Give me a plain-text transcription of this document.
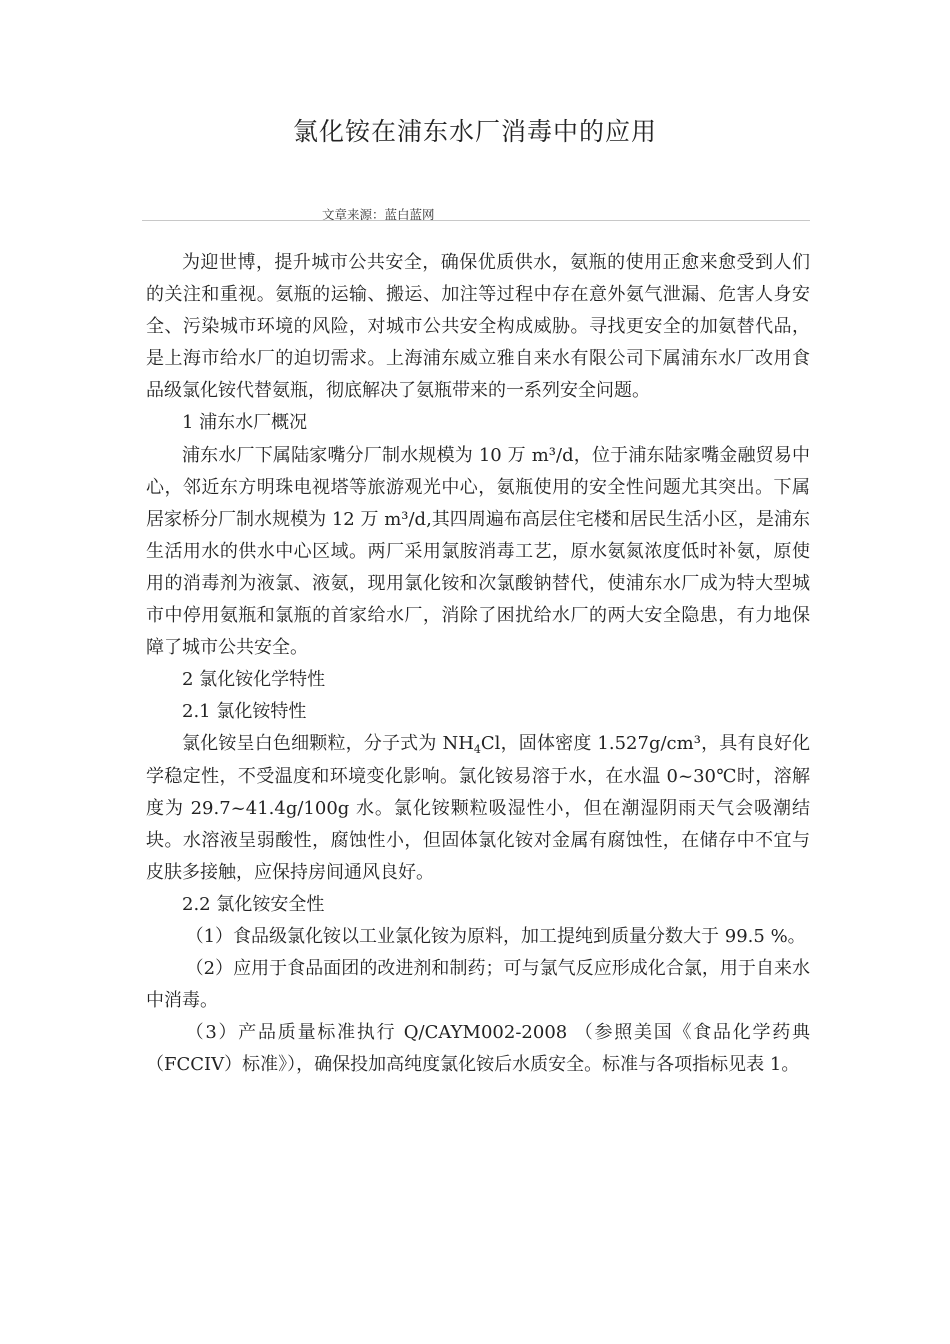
氯化铵在浦东水厂消毒中的应用
文章来源：蓝白蓝网

为迎世博，提升城市公共安全，确保优质供水，氨瓶的使用正愈来愈受到人们的关注和重视。氨瓶的运输、搬运、加注等过程中存在意外氨气泄漏、危害人身安全、污染城市环境的风险，对城市公共安全构成威胁。寻找更安全的加氨替代品，是上海市给水厂的迫切需求。上海浦东威立雅自来水有限公司下属浦东水厂改用食品级氯化铵代替氨瓶，彻底解决了氨瓶带来的一系列安全问题。

1 浦东水厂概况

浦东水厂下属陆家嘴分厂制水规模为 10 万 m³/d，位于浦东陆家嘴金融贸易中心，邻近东方明珠电视塔等旅游观光中心，氨瓶使用的安全性问题尤其突出。下属居家桥分厂制水规模为 12 万 m³/d,其四周遍布高层住宅楼和居民生活小区，是浦东生活用水的供水中心区域。两厂采用氯胺消毒工艺，原水氨氮浓度低时补氨，原使用的消毒剂为液氯、液氨，现用氯化铵和次氯酸钠替代，使浦东水厂成为特大型城市中停用氨瓶和氯瓶的首家给水厂，消除了困扰给水厂的两大安全隐患，有力地保障了城市公共安全。

2 氯化铵化学特性

2.1 氯化铵特性

氯化铵呈白色细颗粒，分子式为 $NH_4Cl$，固体密度 1.527g/cm³，具有良好化学稳定性，不受温度和环境变化影响。氯化铵易溶于水，在水温 0~30℃时，溶解度为 29.7~41.4g/100g 水。氯化铵颗粒吸湿性小，但在潮湿阴雨天气会吸潮结块。水溶液呈弱酸性，腐蚀性小，但固体氯化铵对金属有腐蚀性，在储存中不宜与皮肤多接触，应保持房间通风良好。

2.2 氯化铵安全性

（1）食品级氯化铵以工业氯化铵为原料，加工提纯到质量分数大于 99.5 %。

（2）应用于食品面团的改进剂和制药；可与氯气反应形成化合氯，用于自来水中消毒。

（3）产品质量标准执行 Q/CAYM002-2008 （参照美国《食品化学药典（FCCIV）标准》），确保投加高纯度氯化铵后水质安全。标准与各项指标见表 1。
